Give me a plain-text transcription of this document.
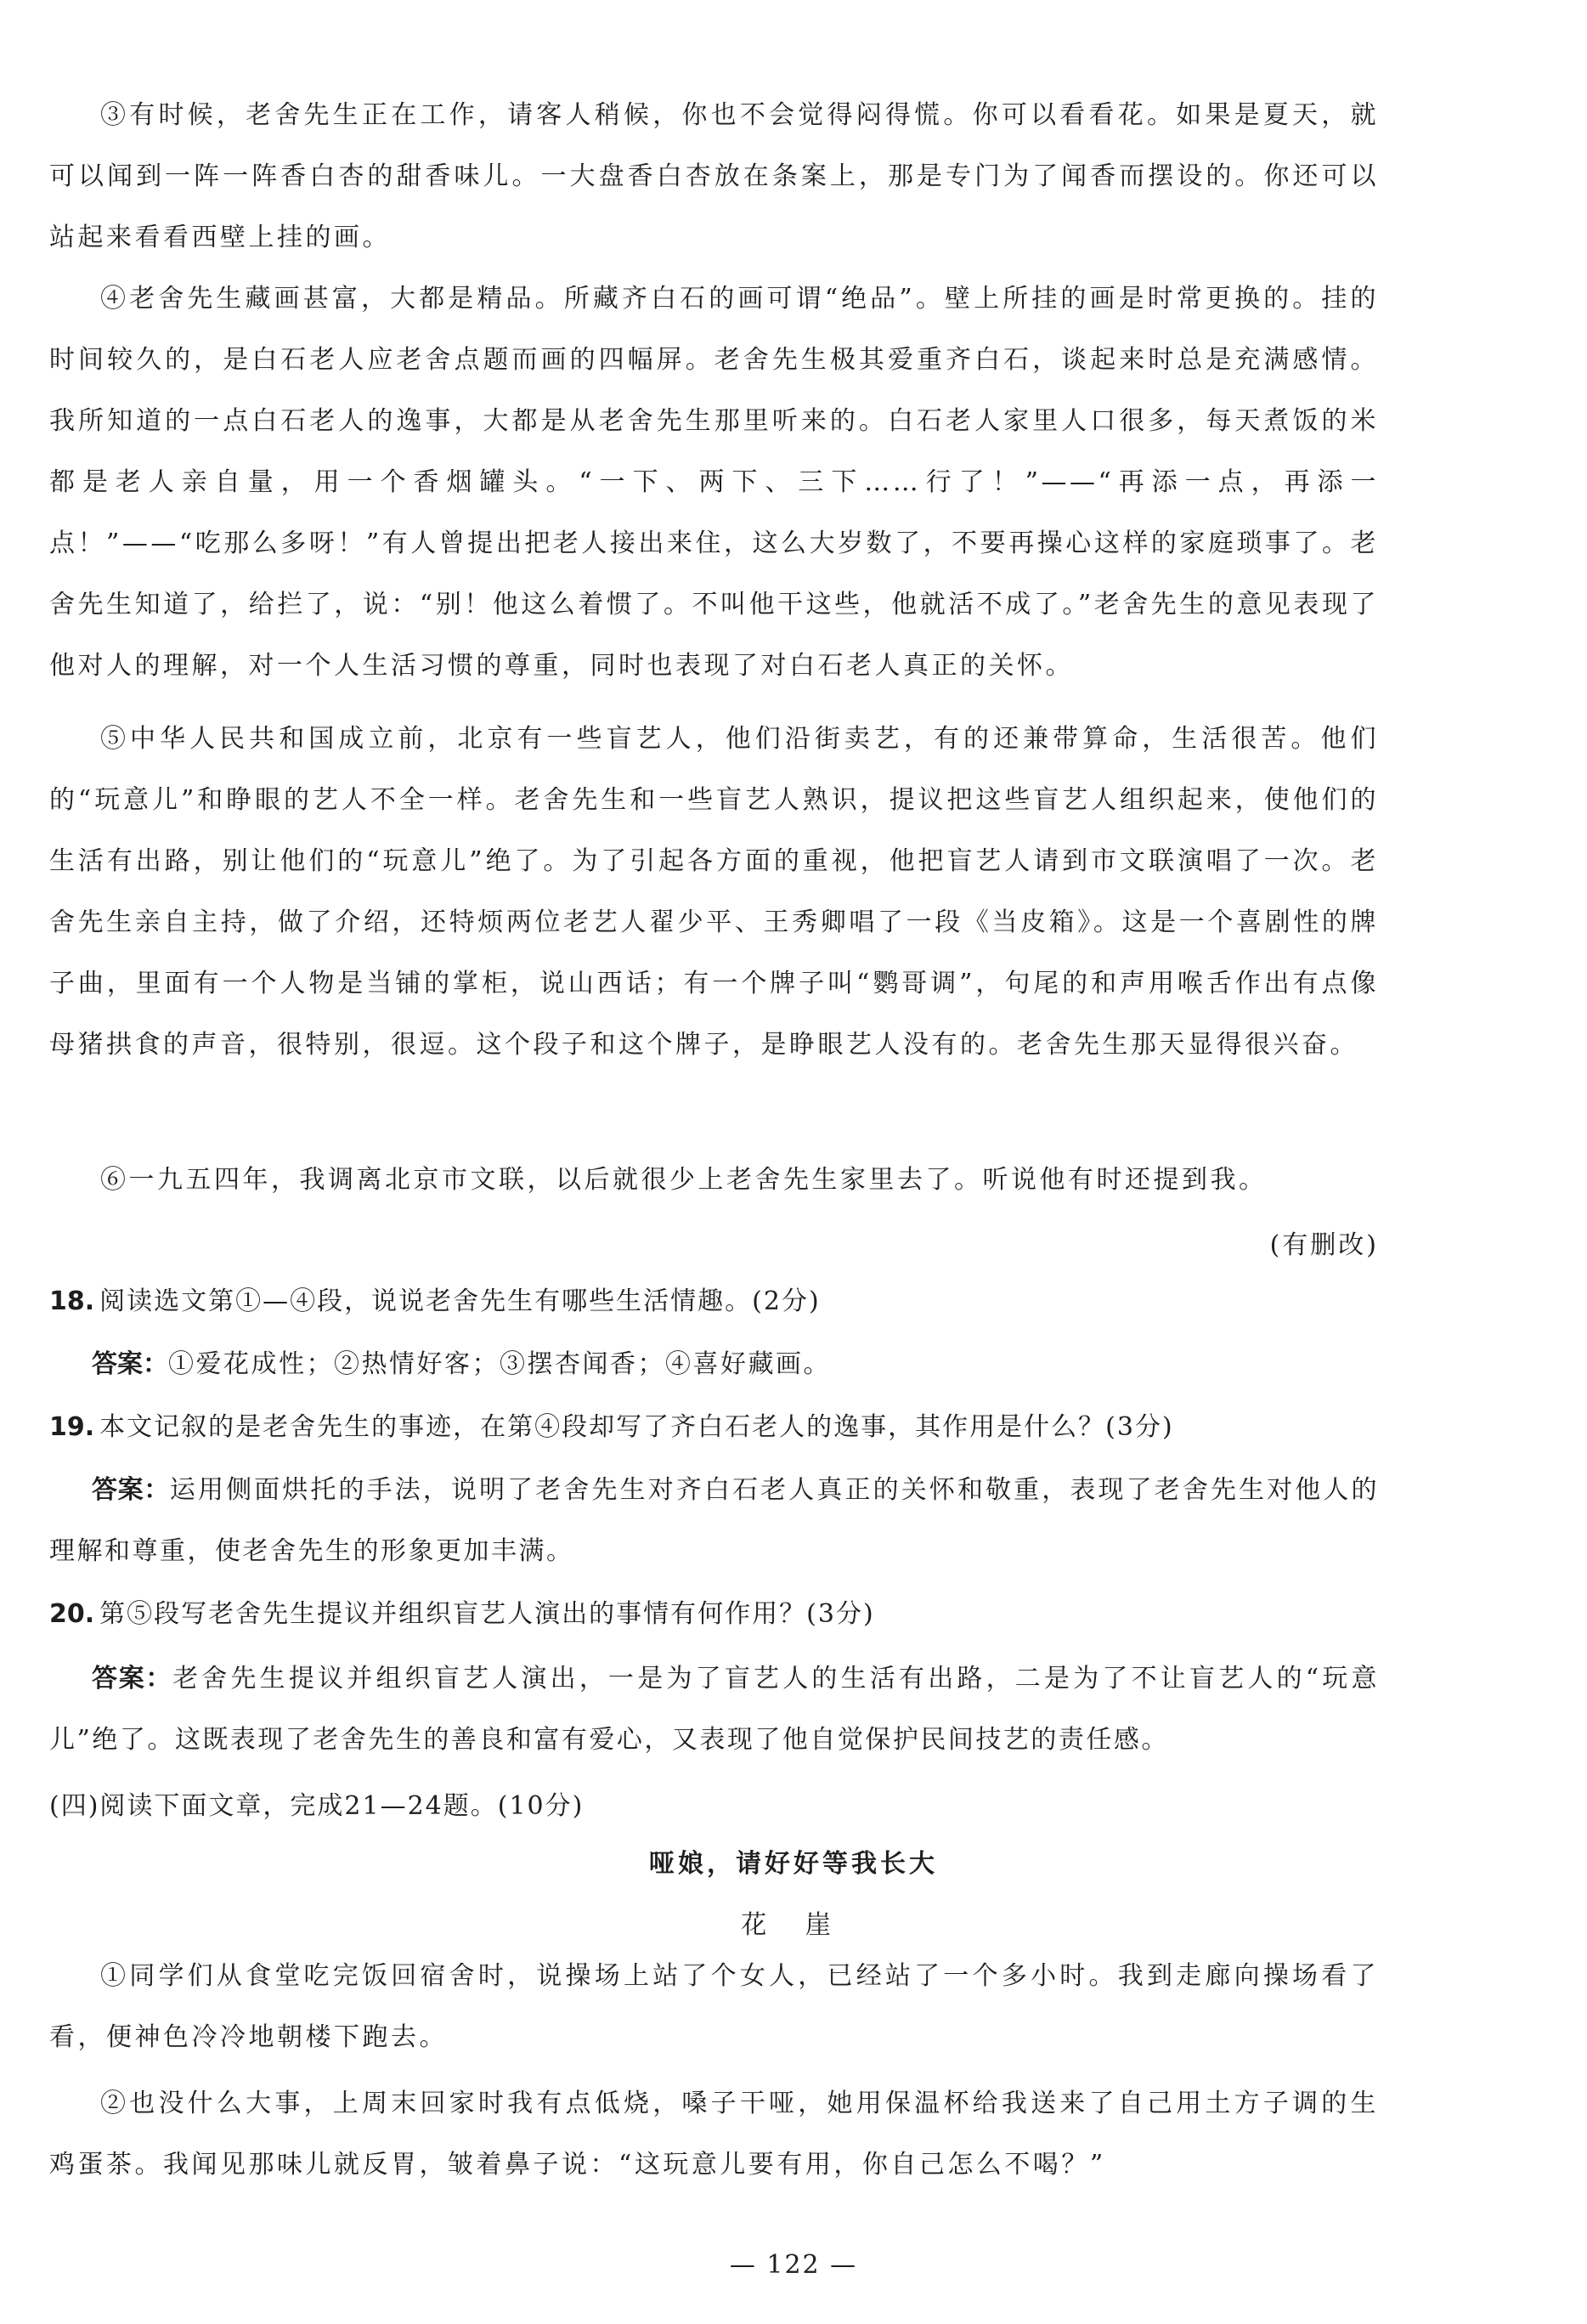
③有时候，老舍先生正在工作，请客人稍候，你也不会觉得闷得慌。你可以看看花。如果是夏天，就可以闻到一阵一阵香白杏的甜香味儿。一大盘香白杏放在条案上，那是专门为了闻香而摆设的。你还可以站起来看看西壁上挂的画。

④老舍先生藏画甚富，大都是精品。所藏齐白石的画可谓“绝品”。壁上所挂的画是时常更换的。挂的时间较久的，是白石老人应老舍点题而画的四幅屏。老舍先生极其爱重齐白石，谈起来时总是充满感情。我所知道的一点白石老人的逸事，大都是从老舍先生那里听来的。白石老人家里人口很多，每天煮饭的米都是老人亲自量，用一个香烟罐头。“一下、两下、三下……行了！”——“再添一点，再添一点！”——“吃那么多呀！”有人曾提出把老人接出来住，这么大岁数了，不要再操心这样的家庭琐事了。老舍先生知道了，给拦了，说：“别！他这么着惯了。不叫他干这些，他就活不成了。”老舍先生的意见表现了他对人的理解，对一个人生活习惯的尊重，同时也表现了对白石老人真正的关怀。

⑤中华人民共和国成立前，北京有一些盲艺人，他们沿街卖艺，有的还兼带算命，生活很苦。他们的“玩意儿”和睁眼的艺人不全一样。老舍先生和一些盲艺人熟识，提议把这些盲艺人组织起来，使他们的生活有出路，别让他们的“玩意儿”绝了。为了引起各方面的重视，他把盲艺人请到市文联演唱了一次。老舍先生亲自主持，做了介绍，还特烦两位老艺人翟少平、王秀卿唱了一段《当皮箱》。这是一个喜剧性的牌子曲，里面有一个人物是当铺的掌柜，说山西话；有一个牌子叫“鹦哥调”，句尾的和声用喉舌作出有点像母猪拱食的声音，很特别，很逗。这个段子和这个牌子，是睁眼艺人没有的。老舍先生那天显得很兴奋。

⑥一九五四年，我调离北京市文联，以后就很少上老舍先生家里去了。听说他有时还提到我。

(有删改)

18. 阅读选文第①—④段，说说老舍先生有哪些生活情趣。(2分)

答案：①爱花成性；②热情好客；③摆杏闻香；④喜好藏画。

19. 本文记叙的是老舍先生的事迹，在第④段却写了齐白石老人的逸事，其作用是什么？(3分)

答案：运用侧面烘托的手法，说明了老舍先生对齐白石老人真正的关怀和敬重，表现了老舍先生对他人的理解和尊重，使老舍先生的形象更加丰满。

20. 第⑤段写老舍先生提议并组织盲艺人演出的事情有何作用？(3分)

答案：老舍先生提议并组织盲艺人演出，一是为了盲艺人的生活有出路，二是为了不让盲艺人的“玩意儿”绝了。这既表现了老舍先生的善良和富有爱心，又表现了他自觉保护民间技艺的责任感。

(四)阅读下面文章，完成21—24题。(10分)
哑娘，请好好等我长大
花 崖

①同学们从食堂吃完饭回宿舍时，说操场上站了个女人，已经站了一个多小时。我到走廊向操场看了看，便神色冷冷地朝楼下跑去。

②也没什么大事，上周末回家时我有点低烧，嗓子干哑，她用保温杯给我送来了自己用土方子调的生鸡蛋茶。我闻见那味儿就反胃，皱着鼻子说：“这玩意儿要有用，你自己怎么不喝？”

— 122 —
